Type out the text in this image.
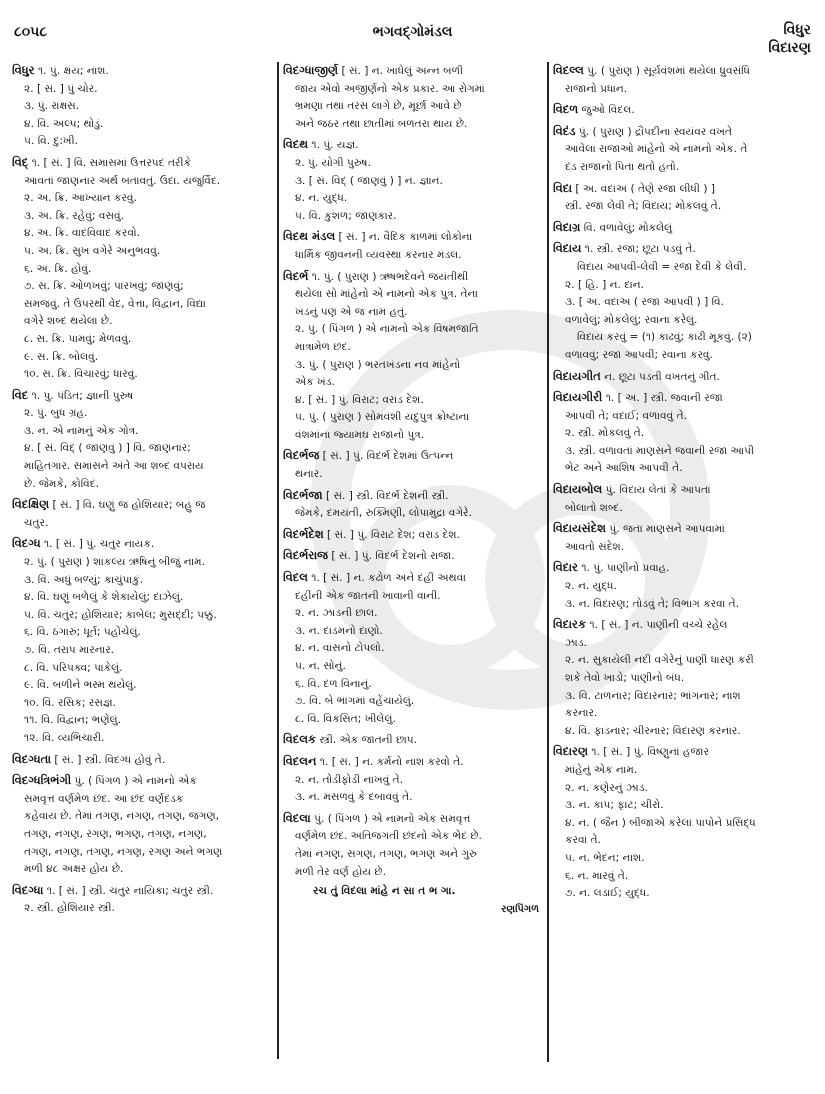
૮૦૫૮	ભગવદ્ગોમંડલ	વિધુર
વિદારણ
વિધુર ૧. પું. ક્ષય; નાશ.
૨. [ સં. ] પું ચોર.
૩. પું. રાક્ષસ.
૪. વિ. અલ્પ; થોડું.
૫. વિ. દુ:ખી.
વિદ્ ૧. [ સં. ] વિ. સમાસમાં ઉત્તરપદ તરીકે
આવતાં જાણનાર અર્થ બતાવતું. ઉદા. યજુર્વિદ.
૨. અ. ક્રિ. આખ્યાન કરવું.
૩. અ. ક્રિ. રહેવું; વસવું.
૪. અ. ક્રિ. વાદવિવાદ કરવો.
૫. અ. ક્રિ. સુખ વગેરે અનુભવવું.
૬. અ. ક્રિ. હોવું.
૭. સ. ક્રિ. ઓળખવું; પારખવું; જાણવું;
સમજવું. તે ઉપરથી વેદ, વેત્તા, વિદ્વાન, વિદ્યા
વગેરે શબ્દ થયેલા છે.
૮. સ. ક્રિ. પામવું; મેળવવું.
૯. સ. ક્રિ. બોલવું.
૧૦. સ. ક્રિ. વિચારવું; ધારવું.
વિદ ૧. પુ. પંડિત; જ્ઞાની પુરુષ
૨. પું. બુધ ગ્રહ.
૩. ન. એ નામનું એક ગોત્ર.
૪. [ સં. વિદ્ ( જાણવું ) ] વિ. જાણનાર;
માહિતગાર. સમાસને અંતે આ શબ્દ વપરાય
છે. જેમકે, કોવિદ.
વિદક્ષિણ [ સં. ] વિ. ઘણું જ હોશિયાર; બહુ જ
ચતુર.
વિદગ્ધ ૧. [ સં. ] પું. ચતુર નાયક.
૨. પું. ( પુરાણ ) શાકલ્ય ઋષિનું બીજું નામ.
૩. વિ. અધું બળ્યું; કાચુંપાકું.
૪. વિ. ઘણું બળેલું કે શેકાયેલું; દાઝેલું.
૫. વિ. ચતુર; હોશિયાર; કાબેલ; મુસદ્દી; પક્કું.
૬. વિ. ઠગારું; ધૂર્ત; પહોંચેલું.
૭. વિ. તરાપ મારનાર.
૮. વિ. પરિપક્વ; પાકેલું.
૯. વિ. બળીને ભસ્મ થયેલું.
૧૦. વિં. રસિક; રસજ્ઞ.
૧૧. વિ. વિદ્વાન; ભણેલું.
૧૨. વિ. વ્યભિચારી.
વિદગ્ધતા [ સં. ] સ્ત્રી. વિદગ્ધ હોવું તે.
વિદગ્ધત્રિભંગી પું. ( પિંગળ ) એ નામનો એક
સમવૃત્ત વર્ણમેળ છંદ. આ છંદ વર્ણદંડક
કહેવાય છે. તેમાં તગણ, નગણ, તગણ, જગણ,
તગણ, નગણ, રગણ, ભગણ, તગણ, નગણ,
તગણ, નગણ, તગણ, નગણ, રગણ અને ભગણ
મળી ૪૮ અક્ષર હોય છે.
વિદગ્ધા ૧. [ સં. ] સ્ત્રી. ચતુર નાયિકા; ચતુર સ્ત્રી.
૨. સ્ત્રી. હોશિયાર સ્ત્રી.
વિદગ્ધાજીર્ણ [ સં. ] ન. ખાધેલું અન્ન બળી
જાય એવો અજીર્ણનો એક પ્રકાર. આ રોગમાં
ભ્રમણા તથા તરસ લાગે છે, મૂર્છા આવે છે
અને જઠર તથા છાતીમાં બળતરા થાય છે.
વિદથ ૧. પું. યજ્ઞ.
૨. પું. યોગી પુરુષ.
૩. [ સં. વિદ્ ( જાણવું ) ] ન. જ્ઞાન.
૪. ન. યુદ્ધ.
૫. વિ. કુશળ; જાણકાર.
વિદથ મંડલ [ સં. ] ન. વૈદિક કાળમાં લોકોના
ધાર્મિક જીવનની વ્યવસ્થા કરનાર મંડલ.
વિદર્ભ ૧. પું. ( પુરાણ ) ઋષભદેવને જયંતીથી
થયેલા સો માંહેનો એ નામનો એક પુત્ર. તેના
ખંડનું પણ એ જ નામ હતું.
૨. પું. ( પિંગળ ) એ નામનો એક વિષમજાતિ
માત્રામેળ છંદ.
૩. પું. ( પુરાણ ) ભરતખંડના નવ માંહેનો
એક ખંડ.
૪. [ સં. ] પું. વિરાટ; વરાડ દેશ.
૫. પું. ( પુરાણ ) સોમવંશી યદુપુત્ર ક્રોષ્ટાના
વંશમાંના જ્યામઘ રાજાનો પુત્ર.
વિદર્ભજ [ સં. ] પું. વિદર્ભ દેશમાં ઉત્પન્ન
થનાર.
વિદર્ભજા [ સં. ] સ્ત્રી. વિદર્ભ દેશની સ્ત્રી.
જેમકે, દમયંતી, રુક્મિણી, લોપામુદ્રા વગેરે.
વિદર્ભદેશ [ સં. ] પું. વિરાટ દેશ; વરાડ દેશ.
વિદર્ભરાજ [ સં. ] પું. વિદર્ભ દેશનો રાજા.
વિદલ ૧. [ સં. ] ન. કઢોળ અને દહીં અથવા
દહીંની એક જાતની ખાવાની વાની.
૨. ન. ઝાડની છાલ.
૩. ન. દાડમનો દાણો.
૪. ન. વાંસનો ટોપલો.
૫. ન. સોનું.
૬. વિ. દળ વિનાનું.
૭. વિ. બે ભાગમાં વહેંચાયેલું.
૮. વિ. વિકસિત; ખીલેલું.
વિદલક સ્ત્રી. એક જાતની છાપ.
વિદલન ૧. [ સં. ] ન. કર્મનો નાશ કરવો તે.
૨. ન. તોડીફોડી નાખવું તે.
૩. ન. મસળવું કે દબાવવું તે.
વિદલા પું. ( પિંગળ ) એ નામનો એક સમવૃત્ત
વર્ણમેળ છંદ. અતિજગતી છંદનો એક ભેદ છે.
તેમાં નગણ, સગણ, તગણ, ભગણ અને ગુરુ
મળી તેર વર્ણ હોય છે.
રચ તું વિદલા માંહે ન સા ત ભ ગા.
રણપિંગળ
વિદલ્લ પું. ( પુરાણ ) સૂર્યવંશમાં થયેલા ધ્રુવસંધિ
રાજાનો પ્રધાન.
વિદળ જુઓ વિદલ.
વિદંડ પું. ( પુરાણ ) દ્રૌપદીના સ્વયંવર વખતે
આવેલા રાજાઓ માંહેનો એ નામનો એક. તે
દંડ રાજાનો પિતા થતો હતો.
વિદા [ અ. વદાઅ ( તેણે રજા લીધી ) ]
સ્ત્રી. રજા લેવી તે; વિદાય; મોકલવું તે.
વિદાગ્ર વિ. વળાવેલું; મોકલેલું
વિદાય ૧. સ્ત્રી. રજા; છૂટા પડવું તે.
વિદાય આપવી-લેવી = રજા દેવી કે લેવી.
૨. [ હિ. ] ન. દાન.
૩. [ અ. વદાઅ ( રજા આપવી ) ] વિ.
વળાવેલું; મોકલેલું; રવાના કરેલું.
વિદાય કરવું = (૧) કાઢવું; કાઢી મૂકવું. (૨)
વળાવવું; રજા આપવી; રવાના કરવું.
વિદાયગીત ન. છૂટા પડતી વખતનું ગીત.
વિદાયગીરી ૧. [ અ. ] સ્ત્રી. જવાની રજા
આપવી તે; વદાઈ; વળાવવું તે.
૨. સ્ત્રી. મોકલવું તે.
૩. સ્ત્રી. વળાવતાં માણસને જવાની રજા આપી
ભેટ અને આશિષ આપવી તે.
વિદાયબોલ પું. વિદાય લેતાં કે આપતાં
બોલાતો શબ્દ.
વિદાયસંદેશ પું. જતા માણસને આપવામાં
આવતો સંદેશ.
વિદાર ૧. પું. પાણીનો પ્રવાહ.
૨. ન. યુદ્ધ.
૩. ન. વિદારણ; તોડવું તે; વિભાગ કરવા તે.
વિદારક ૧. [ સં. ] ન. પાણીની વચ્ચે રહેલ
ઝાડ.
૨. ન. સુકાયેલી નદી વગેરેનું પાણી ધારણ કરી
શકે તેવો ખાડો; પાણીનો બંધ.
૩. વિ. ટાળનાર; વિદારનાર; ભાંગનાર; નાશ
કરનાર.
૪. વિ. ફાડનાર; ચીરનાર; વિદારણ કરનાર.
વિદારણ ૧. [ સં. ] પું. વિષ્ણુનાં હજાર
માંહેનું એક નામ.
૨. ન. કણેરનું ઝાડ.
૩. ન. કાપ; ફાટ; ચીરો.
૪. ન. ( જૈન ) બીજાએ કરેલાં પાપોને પ્રસિદ્ધ
કરવાં તે.
૫. ન. ભેદન; નાશ.
૬. ન. મારવું તે.
૭. ન. લડાઈ; યુદ્ધ.
